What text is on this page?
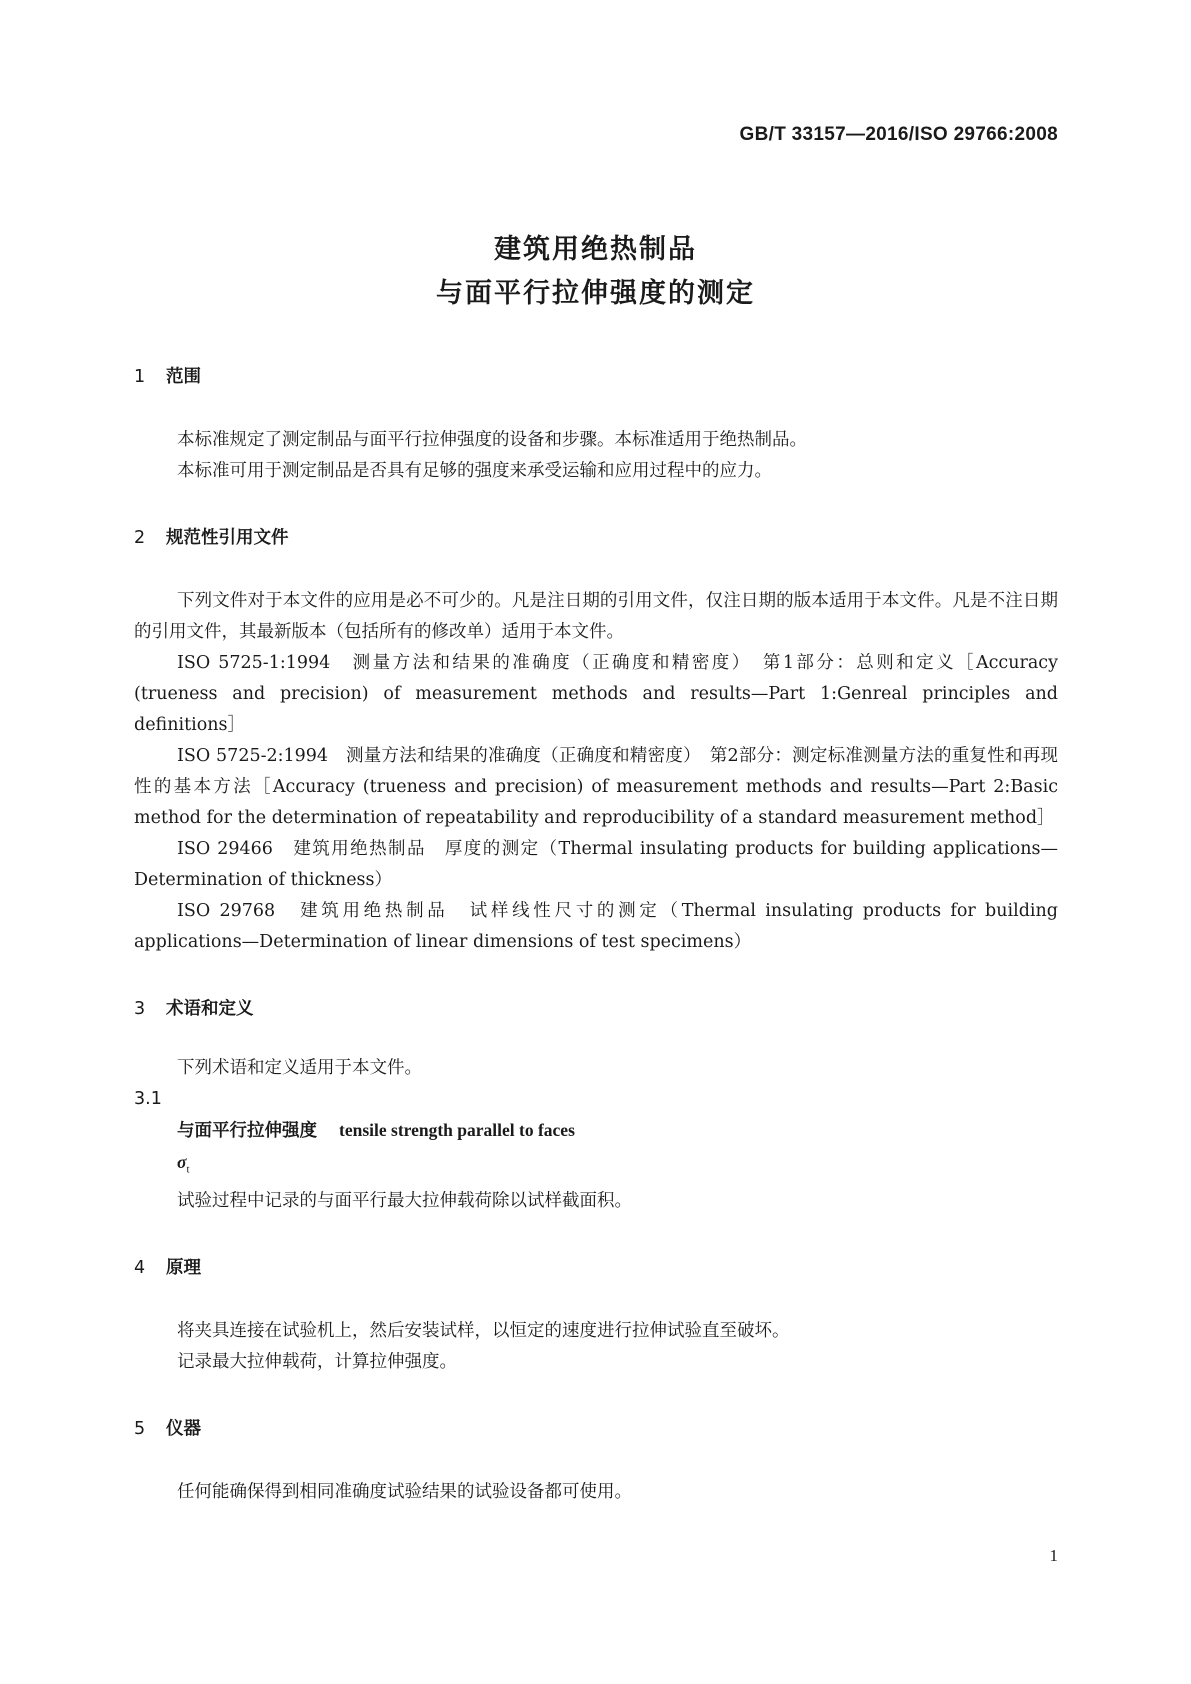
GB/T 33157—2016/ISO 29766:2008
建筑用绝热制品
与面平行拉伸强度的测定
1 范围

本标准规定了测定制品与面平行拉伸强度的设备和步骤。本标准适用于绝热制品。

本标准可用于测定制品是否具有足够的强度来承受运输和应用过程中的应力。

2 规范性引用文件

下列文件对于本文件的应用是必不可少的。凡是注日期的引用文件，仅注日期的版本适用于本文件。凡是不注日期的引用文件，其最新版本（包括所有的修改单）适用于本文件。

ISO 5725-1:1994　测量方法和结果的准确度（正确度和精密度）　第1部分：总则和定义［Accuracy (trueness and precision) of measurement methods and results—Part 1:Genreal principles and definitions］

ISO 5725-2:1994　测量方法和结果的准确度（正确度和精密度）　第2部分：测定标准测量方法的重复性和再现性的基本方法［Accuracy (trueness and precision) of measurement methods and results—Part 2:Basic method for the determination of repeatability and reproducibility of a standard measurement method］

ISO 29466　建筑用绝热制品　厚度的测定（Thermal insulating products for building applications—Determination of thickness）

ISO 29768　建筑用绝热制品　试样线性尺寸的测定（Thermal insulating products for building applications—Determination of linear dimensions of test specimens）

3 术语和定义

下列术语和定义适用于本文件。

3.1
与面平行拉伸强度 tensile strength parallel to faces
$\sigma_t$
试验过程中记录的与面平行最大拉伸载荷除以试样截面积。
4 原理

将夹具连接在试验机上，然后安装试样，以恒定的速度进行拉伸试验直至破坏。

记录最大拉伸载荷，计算拉伸强度。

5 仪器

任何能确保得到相同准确度试验结果的试验设备都可使用。

1
